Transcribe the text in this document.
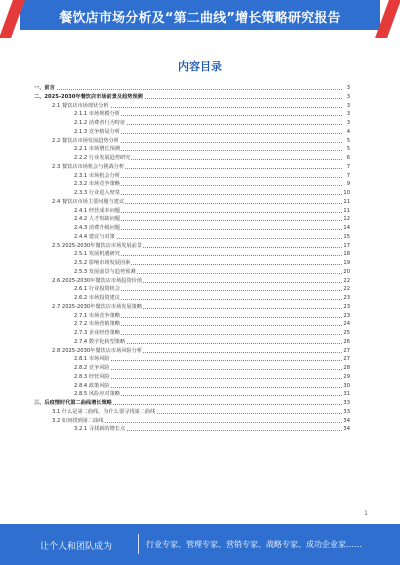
餐饮店市场分析及“第二曲线”增长策略研究报告
内容目录
一、前言	3
二、2025-2030年餐饮店市场前景及趋势预测	3
2.1 餐饮店市场现状分析	3
2.1.1 市场规模分析	3
2.1.2 消费者行为特征	3
2.1.3 竞争格局分析	4
2.2 餐饮店市场发展趋势分析	5
2.2.1 市场增长预测	5
2.2.2 行业发展趋势研究	6
2.3 餐饮店市场机会与挑战分析	7
2.3.1 市场机会分析	7
2.3.2 市场竞争策略	9
2.3.3 行业进入壁垒	10
2.4 餐饮店市场主要问题与建议	11
2.4.1 经营成本问题	11
2.4.2 人才短缺问题	12
2.4.3 消费升级问题	14
2.4.4 建议与对策	15
2.5 2025-2030年餐饮店市场发展前景	17
2.5.1 发展机遇研究	18
2.5.2 影响市场发展因素	19
2.5.3 发展前景与趋势预测	20
2.6 2025-2030年餐饮店市场投资价值	22
2.6.1 行业投资机会	22
2.6.2 市场投资建议	23
2.7 2025-2030年餐饮店市场发展策略	23
2.7.1 市场竞争策略	23
2.7.2 市场营销策略	24
2.7.3 企业经营策略	25
2.7.4 数字化转型策略	26
2.8 2025-2030年餐饮店市场风险分析	27
2.8.1 市场风险	27
2.8.2 竞争风险	28
2.8.3 经营风险	29
2.8.4 政策风险	30
2.8.5 风险应对策略	31
三、后疫情时代第二曲线增长策略	33
3.1 什么是第二曲线，为什么要寻找第二曲线	33
3.2 如何找到第二曲线	34
3.2.1 寻找新的增长点	34
1
让个人和团队成为	行业专家、管理专家、营销专家、战略专家、成功企业家……
